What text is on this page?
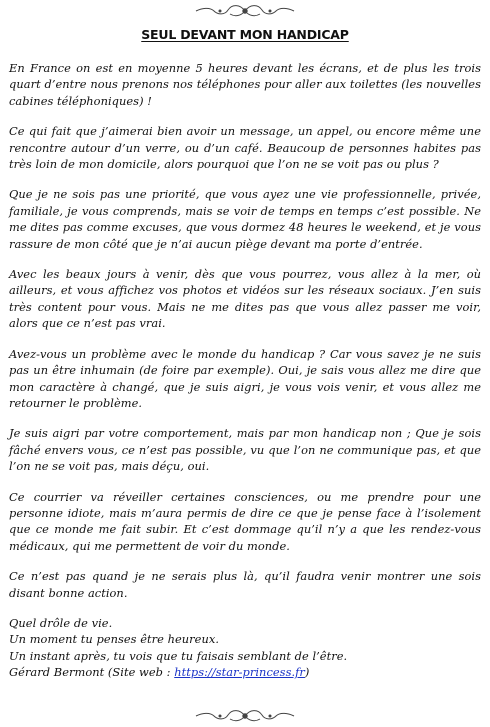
SEUL DEVANT MON HANDICAP

En France on est en moyenne 5 heures devant les écrans, et de plus les trois quart d’entre nous prenons nos téléphones pour aller aux toilettes (les nouvelles cabines téléphoniques) !

Ce qui fait que j’aimerai bien avoir un message, un appel, ou encore même une rencontre autour d’un verre, ou d’un café. Beaucoup de personnes habites pas très loin de mon domicile, alors pourquoi que l’on ne se voit pas ou plus ?

Que je ne sois pas une priorité, que vous ayez une vie professionnelle, privée, familiale, je vous comprends, mais se voir de temps en temps c’est possible. Ne me dites pas comme excuses, que vous dormez 48 heures le weekend, et je vous rassure de mon côté que je n’ai aucun piège devant ma porte d’entrée.

Avec les beaux jours à venir, dès que vous pourrez, vous allez à la mer, où ailleurs, et vous affichez vos photos et vidéos sur les réseaux sociaux. J’en suis très content pour vous. Mais ne me dites pas que vous allez passer me voir, alors que ce n’est pas vrai.

Avez-vous un problème avec le monde du handicap ? Car vous savez je ne suis pas un être inhumain (de foire par exemple). Oui, je sais vous allez me dire que mon caractère à changé, que je suis aigri, je vous vois venir, et vous allez me retourner le problème.

Je suis aigri par votre comportement, mais par mon handicap non ; Que je sois fâché envers vous, ce n’est pas possible, vu que l’on ne communique pas, et que l’on ne se voit pas, mais déçu, oui.

Ce courrier va réveiller certaines consciences, ou me prendre pour une personne idiote, mais m’aura permis de dire ce que je pense face à l’isolement que ce monde me fait subir. Et c’est dommage qu’il n’y a que les rendez-vous médicaux, qui me permettent de voir du monde.

Ce n’est pas quand je ne serais plus là, qu’il faudra venir montrer une sois disant bonne action.

Quel drôle de vie.
Un moment tu penses être heureux.
Un instant après, tu vois que tu faisais semblant de l’être.
Gérard Bermont (Site web : https://star-princess.fr)
